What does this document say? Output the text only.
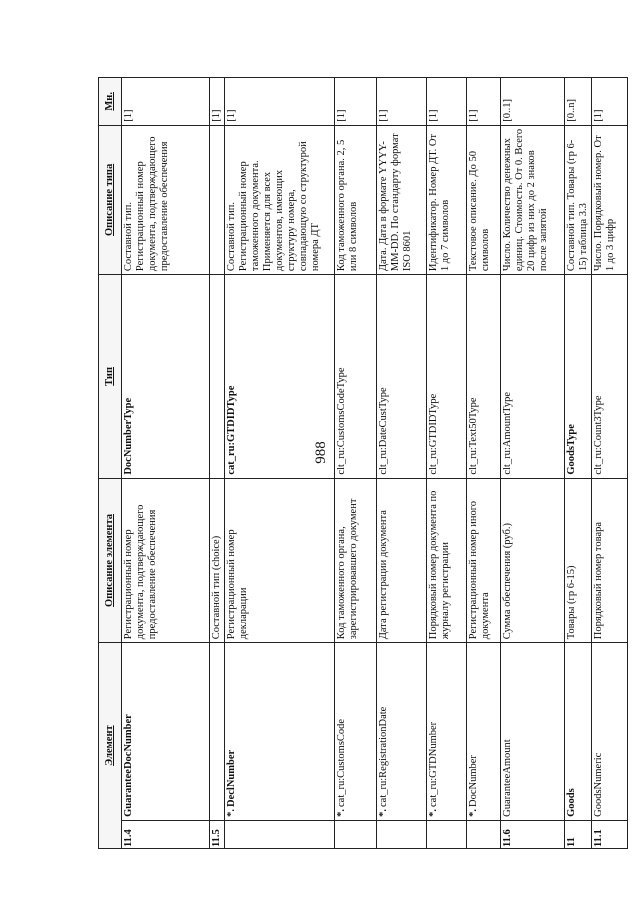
988
Элемент		Описание элемента	Тип	Описание типа	Мн.
11.4	GuaranteeDocNumber	Регистрационный номер документа, подтверждающего предоставление обеспечения	DocNumberType	Составной тип. Регистрационный номер документа, подтверждающего предоставление обеспечения	[1]
11.5		Составной тип (choice)			[1]
	*.DeclNumber	Регистрационный номер декларации	cat_ru:GTDIDType	Составной тип. Регистрационный номер таможенного документа. Применяется для всех документов, имеющих структуру номера, совпадающую со структурой номера ДТ	[1]
	*.cat_ru:CustomsCode	Код таможенного органа, зарегистрировавшего документ	clt_ru:CustomsCodeType	Код таможенного органа. 2, 5 или 8 символов	[1]
	*.cat_ru:RegistrationDate	Дата регистрации документа	clt_ru:DateCustType	Дата. Дата в формате YYYY-MM-DD. По стандарту формат ISO 8601	[1]
	*.cat_ru:GTDNumber	Порядковый номер документа по журналу регистрации	clt_ru:GTDIDType	Идентификатор. Номер ДТ. От 1 до 7 символов	[1]
	*.DocNumber	Регистрационный номер иного документа	clt_ru:Text50Type	Текстовое описание. До 50 символов	[1]
11.6	GuaranteeAmount	Сумма обеспечения (руб.)	clt_ru:AmountType	Число. Количество денежных единиц. Стоимость. От 0. Всего 20 цифр из них до 2 знаков после запятой	[0..1]
11	Goods	Товары (гр 6-15)	GoodsType	Составной тип. Товары (гр 6-15) таблица 3.3	[0..n]
11.1	GoodsNumeric	Порядковый номер товара	clt_ru:Count3Type	Число. Порядковый номер. От 1 до 3 цифр	[1]
